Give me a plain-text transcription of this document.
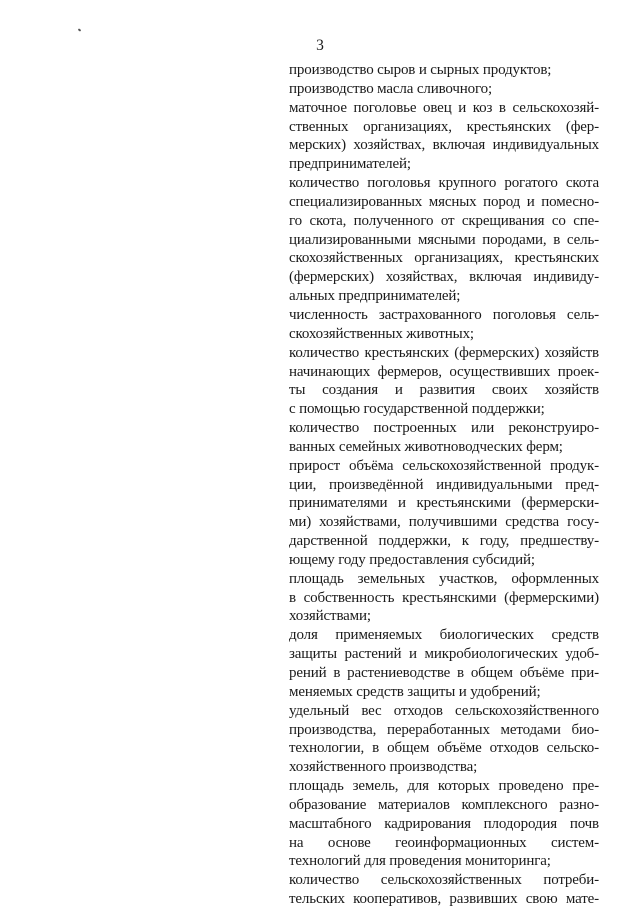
3
производство сыров и сырных продуктов;
производство масла сливочного;
маточное поголовье овец и коз в сельскохозяй-
ственных организациях, крестьянских (фер-
мерских) хозяйствах, включая индивидуальных
предпринимателей;
количество поголовья крупного рогатого скота
специализированных мясных пород и помесно-
го скота, полученного от скрещивания со спе-
циализированными мясными породами, в сель-
скохозяйственных организациях, крестьянских
(фермерских) хозяйствах, включая индивиду-
альных предпринимателей;
численность застрахованного поголовья сель-
скохозяйственных животных;
количество крестьянских (фермерских) хозяйств
начинающих фермеров, осуществивших проек-
ты создания и развития своих хозяйств
с помощью государственной поддержки;
количество построенных или реконструиро-
ванных семейных животноводческих ферм;
прирост объёма сельскохозяйственной продук-
ции, произведённой индивидуальными пред-
принимателями и крестьянскими (фермерски-
ми) хозяйствами, получившими средства госу-
дарственной поддержки, к году, предшеству-
ющему году предоставления субсидий;
площадь земельных участков, оформленных
в собственность крестьянскими (фермерскими)
хозяйствами;
доля применяемых биологических средств
защиты растений и микробиологических удоб-
рений в растениеводстве в общем объёме при-
меняемых средств защиты и удобрений;
удельный вес отходов сельскохозяйственного
производства, переработанных методами био-
технологии, в общем объёме отходов сельско-
хозяйственного производства;
площадь земель, для которых проведено пре-
образование материалов комплексного разно-
масштабного кадрирования плодородия почв
на основе геоинформационных систем-
технологий для проведения мониторинга;
количество сельскохозяйственных потреби-
тельских кооперативов, развивших свою мате-
